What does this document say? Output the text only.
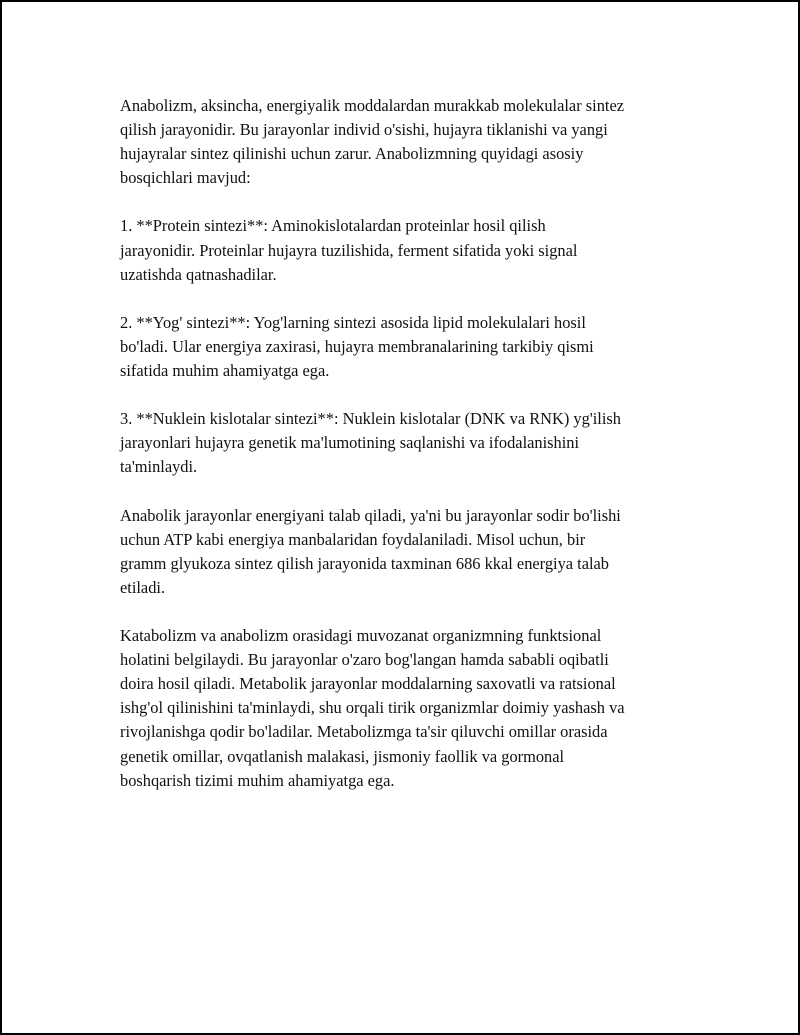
Anabolizm, aksincha, energiyalik moddalardan murakkab molekulalar sintez
qilish jarayonidir. Bu jarayonlar individ o'sishi, hujayra tiklanishi va yangi
hujayralar sintez qilinishi uchun zarur. Anabolizmning quyidagi asosiy
bosqichlari mavjud:

1. **Protein sintezi**: Aminokislotalardan proteinlar hosil qilish
jarayonidir. Proteinlar hujayra tuzilishida, ferment sifatida yoki signal
uzatishda qatnashadilar.

2. **Yog' sintezi**: Yog'larning sintezi asosida lipid molekulalari hosil
bo'ladi. Ular energiya zaxirasi, hujayra membranalarining tarkibiy qismi
sifatida muhim ahamiyatga ega.

3. **Nuklein kislotalar sintezi**: Nuklein kislotalar (DNK va RNK) yg'ilish
jarayonlari hujayra genetik ma'lumotining saqlanishi va ifodalanishini
ta'minlaydi.

Anabolik jarayonlar energiyani talab qiladi, ya'ni bu jarayonlar sodir bo'lishi
uchun ATP kabi energiya manbalaridan foydalaniladi. Misol uchun, bir
gramm glyukoza sintez qilish jarayonida taxminan 686 kkal energiya talab
etiladi.

Katabolizm va anabolizm orasidagi muvozanat organizmning funktsional
holatini belgilaydi. Bu jarayonlar o'zaro bog'langan hamda sababli oqibatli
doira hosil qiladi. Metabolik jarayonlar moddalarning saxovatli va ratsional
ishg'ol qilinishini ta'minlaydi, shu orqali tirik organizmlar doimiy yashash va
rivojlanishga qodir bo'ladilar. Metabolizmga ta'sir qiluvchi omillar orasida
genetik omillar, ovqatlanish malakasi, jismoniy faollik va gormonal
boshqarish tizimi muhim ahamiyatga ega.
